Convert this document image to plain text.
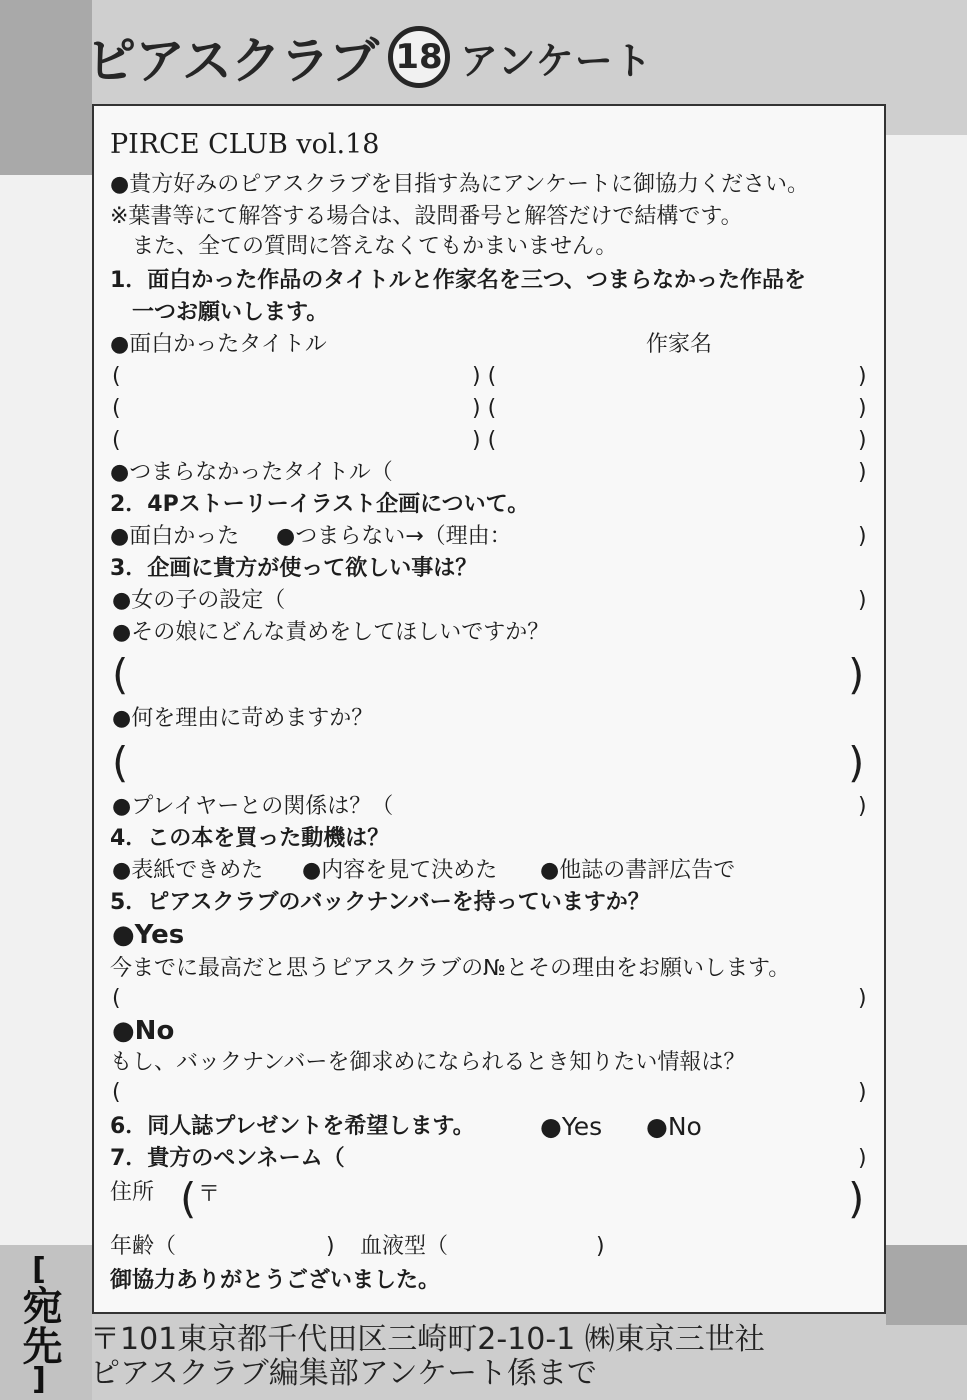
ピアスクラブ 18 アンケート
PIRCE CLUB vol.18
●貴方好みのピアスクラブを目指す為にアンケートに御協力ください。
※葉書等にて解答する場合は、設問番号と解答だけで結構です。
また、全ての質問に答えなくてもかまいません。
1．面白かった作品のタイトルと作家名を三つ、つまらなかった作品を
一つお願いします。
●面白かったタイトル	作家名
(	) (	)
(	) (	)
(	) (	)
●つまらなかったタイトル（	)
2．4Pストーリーイラスト企画について。
●面白かった ●つまらない→（理由：	)
3．企画に貴方が使って欲しい事は？
●女の子の設定（	)
●その娘にどんな責めをしてほしいですか？
(	)
●何を理由に苛めますか？
(	)
●プレイヤーとの関係は？（	)
4．この本を買った動機は？
●表紙できめた ●内容を見て決めた ●他誌の書評広告で
5．ピアスクラブのバックナンバーを持っていますか？
●Yes
今までに最高だと思うピアスクラブの№とその理由をお願いします。
(	)
●No
もし、バックナンバーを御求めになられるとき知りたい情報は？
(	)
6．同人誌プレゼントを希望します。	●Yes ●No
7．貴方のペンネーム（	)
住所 ( 〒	)
年齢（	) 血液型（	)
御協力ありがとうございました。
[
宛先
]
〒101東京都千代田区三崎町2-10-1 ㈱東京三世社
ピアスクラブ編集部アンケート係まで
